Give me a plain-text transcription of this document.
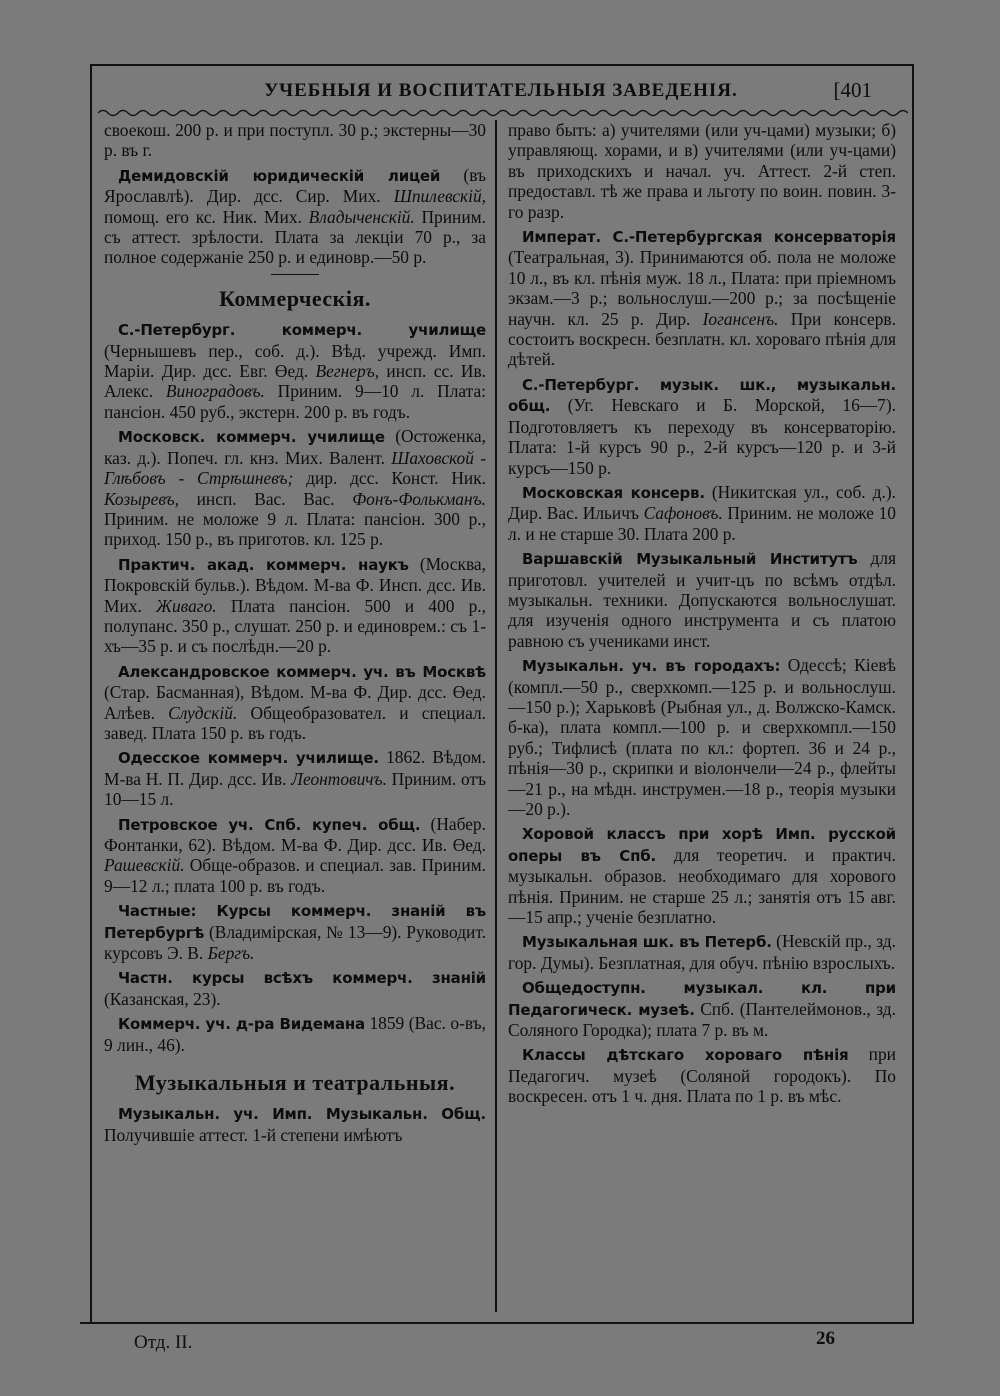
УЧЕБНЫЯ И ВОСПИТАТЕЛЬНЫЯ ЗАВЕДЕНІЯ.	[401

своекош. 200 р. и при поступл. 30 р.; экстерны—30 р. въ г.

Демидовскій юридическій лицей (въ Ярославлѣ). Дир. дсс. Сир. Мих. Шпилевскій, помощ. его кс. Ник. Мих. Владыченскій. Приним. съ аттест. зрѣлости. Плата за лекціи 70 р., за полное содержаніе 250 р. и единовр.—50 р.

Коммерческія.

С.-Петербург. коммерч. училище (Чернышевъ пер., соб. д.). Вѣд. учрежд. Имп. Маріи. Дир. дсс. Евг. Өед. Вегнеръ, инсп. сс. Ив. Алекс. Виноградовъ. Приним. 9—10 л. Плата: пансіон. 450 руб., экстерн. 200 р. въ годъ.

Московск. коммерч. училище (Остоженка, каз. д.). Попеч. гл. кнз. Мих. Валент. Шаховской - Глѣбовъ - Стрѣшневъ; дир. дсс. Конст. Ник. Козыревъ, инсп. Вас. Вас. Фонъ-Фолькманъ. Приним. не моложе 9 л. Плата: пансіон. 300 р., приход. 150 р., въ приготов. кл. 125 р.

Практич. акад. коммерч. наукъ (Москва, Покровскій бульв.). Вѣдом. М-ва Ф. Инсп. дсс. Ив. Мих. Живаго. Плата пансіон. 500 и 400 р., полупанс. 350 р., слушат. 250 р. и единоврем.: съ 1-хъ—35 р. и съ послѣдн.—20 р.

Александровское коммерч. уч. въ Москвѣ (Стар. Басманная), Вѣдом. М-ва Ф. Дир. дсс. Өед. Алѣев. Слудскій. Общеобразовател. и специал. завед. Плата 150 р. въ годъ.

Одесское коммерч. училище. 1862. Вѣдом. М-ва Н. П. Дир. дсс. Ив. Леонтовичъ. Приним. отъ 10—15 л.

Петровское уч. Спб. купеч. общ. (Набер. Фонтанки, 62). Вѣдом. М-ва Ф. Дир. дсс. Ив. Өед. Рашевскій. Обще-образов. и специал. зав. Приним. 9—12 л.; плата 100 р. въ годъ.

Частные: Курсы коммерч. знаній въ Петербургѣ (Владимірская, № 13—9). Руководит. курсовъ Э. В. Бергъ.

Частн. курсы всѣхъ коммерч. знаній (Казанская, 23).

Коммерч. уч. д-ра Видемана 1859 (Вас. о-въ, 9 лин., 46).

Музыкальныя и театральныя.

Музыкальн. уч. Имп. Музыкальн. Общ. Получившіе аттест. 1-й степени имѣютъ

право быть: а) учителями (или уч-цами) музыки; б) управляющ. хорами, и в) учителями (или уч-цами) въ приходскихъ и начал. уч. Аттест. 2-й степ. предоставл. тѣ же права и льготу по воин. повин. 3-го разр.

Императ. С.-Петербургская консерваторія (Театральная, 3). Принимаются об. пола не моложе 10 л., въ кл. пѣнія муж. 18 л., Плата: при пріемномъ экзам.—3 р.; вольнослуш.—200 р.; за посѣщеніе научн. кл. 25 р. Дир. Іогансенъ. При консерв. состоитъ воскресн. безплатн. кл. хороваго пѣнія для дѣтей.

С.-Петербург. музык. шк., музыкальн. общ. (Уг. Невскаго и Б. Морской, 16—7). Подготовляетъ къ переходу въ консерваторію. Плата: 1-й курсъ 90 р., 2-й курсъ—120 р. и 3-й курсъ—150 р.

Московская консерв. (Никитская ул., соб. д.). Дир. Вас. Ильичъ Сафоновъ. Приним. не моложе 10 л. и не старше 30. Плата 200 р.

Варшавскій Музыкальный Институтъ для приготовл. учителей и учит-цъ по всѣмъ отдѣл. музыкальн. техники. Допускаются вольнослушат. для изученія одного инструмента и съ платою равною съ учениками инст.

Музыкальн. уч. въ городахъ: Одессѣ; Кіевѣ (компл.—50 р., сверхкомп.—125 р. и вольнослуш.—150 р.); Харьковѣ (Рыбная ул., д. Волжско-Камск. б-ка), плата компл.—100 р. и сверхкомпл.—150 руб.; Тифлисѣ (плата по кл.: фортеп. 36 и 24 р., пѣнія—30 р., скрипки и віолончели—24 р., флейты—21 р., на мѣдн. инструмен.—18 р., теорія музыки—20 р.).

Хоровой классъ при хорѣ Имп. русской оперы въ Спб. для теоретич. и практич. музыкальн. образов. необходимаго для хорового пѣнія. Приним. не старше 25 л.; занятія отъ 15 авг.—15 апр.; ученіе безплатно.

Музыкальная шк. въ Петерб. (Невскій пр., зд. гор. Думы). Безплатная, для обуч. пѣнію взрослыхъ.

Общедоступн. музыкал. кл. при Педагогическ. музеѣ. Спб. (Пантелеймонов., зд. Соляного Городка); плата 7 р. въ м.

Классы дѣтскаго хороваго пѣнія при Педагогич. музеѣ (Соляной городокъ). По воскресен. отъ 1 ч. дня. Плата по 1 р. въ мѣс.

Отд. II.	26
